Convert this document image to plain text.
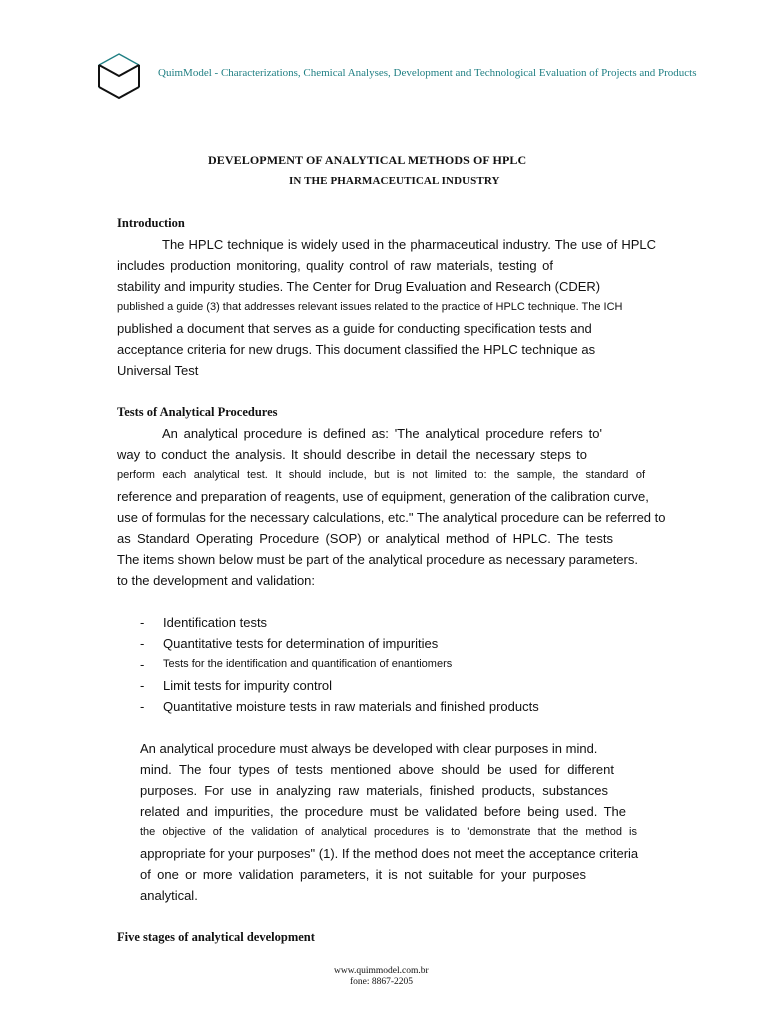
QuimModel - Characterizations, Chemical Analyses, Development and Technological Evaluation of Projects and Products
DEVELOPMENT OF ANALYTICAL METHODS OF HPLC
IN THE PHARMACEUTICAL INDUSTRY
Introduction
The HPLC technique is widely used in the pharmaceutical industry. The use of HPLC
includes production monitoring, quality control of raw materials, testing of
stability and impurity studies. The Center for Drug Evaluation and Research (CDER)
published a guide (3) that addresses relevant issues related to the practice of HPLC technique. The ICH
published a document that serves as a guide for conducting specification tests and
acceptance criteria for new drugs. This document classified the HPLC technique as
Universal Test
Tests of Analytical Procedures
An analytical procedure is defined as: 'The analytical procedure refers to'
way to conduct the analysis. It should describe in detail the necessary steps to
perform each analytical test. It should include, but is not limited to: the sample, the standard of
reference and preparation of reagents, use of equipment, generation of the calibration curve,
use of formulas for the necessary calculations, etc." The analytical procedure can be referred to
as Standard Operating Procedure (SOP) or analytical method of HPLC. The tests
The items shown below must be part of the analytical procedure as necessary parameters.
to the development and validation:
- Identification tests
- Quantitative tests for determination of impurities
- Tests for the identification and quantification of enantiomers
- Limit tests for impurity control
- Quantitative moisture tests in raw materials and finished products
An analytical procedure must always be developed with clear purposes in mind.
mind. The four types of tests mentioned above should be used for different
purposes. For use in analyzing raw materials, finished products, substances
related and impurities, the procedure must be validated before being used. The
the objective of the validation of analytical procedures is to 'demonstrate that the method is
appropriate for your purposes" (1). If the method does not meet the acceptance criteria
of one or more validation parameters, it is not suitable for your purposes
analytical.
Five stages of analytical development
www.quimmodel.com.br
fone: 8867-2205
